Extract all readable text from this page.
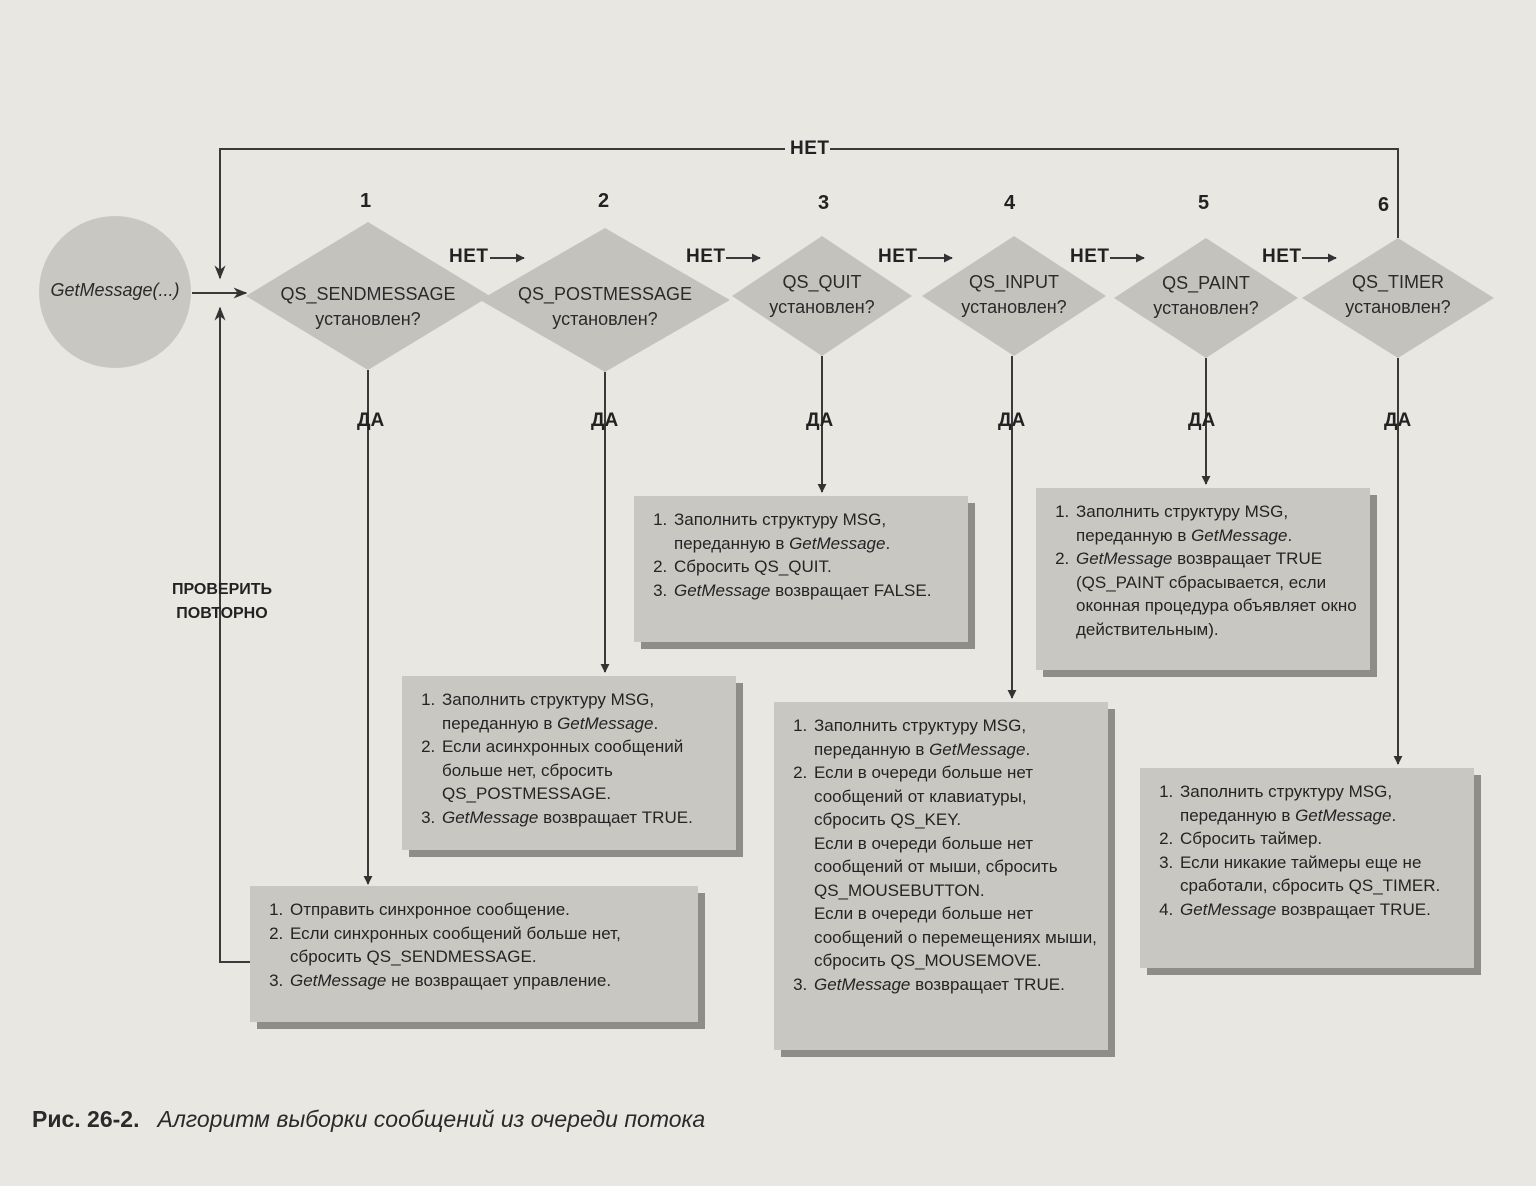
GetMessage(...)
НЕТ
1	2	3	4	5	6
QS_SENDMESSAGE
установлен?
QS_POSTMESSAGE
установлен?
QS_QUIT
установлен?
QS_INPUT
установлен?
QS_PAINT
установлен?
QS_TIMER
установлен?
НЕТ	НЕТ	НЕТ	НЕТ	НЕТ
ДА	ДА	ДА	ДА	ДА	ДА
ПРОВЕРИТЬ
ПОВТОРНО
1. Отправить синхронное сообщение.
2. Если синхронных сообщений больше нет, сбросить QS_SENDMESSAGE.
3. GetMessage не возвращает управление.
1. Заполнить структуру MSG, переданную в GetMessage.
2. Если асинхронных сообщений больше нет, сбросить QS_POSTMESSAGE.
3. GetMessage возвращает TRUE.
1. Заполнить структуру MSG, переданную в GetMessage.
2. Сбросить QS_QUIT.
3. GetMessage возвращает FALSE.
1. Заполнить структуру MSG, переданную в GetMessage.
2. Если в очереди больше нет сообщений от клавиатуры, сбросить QS_KEY.
Если в очереди больше нет сообщений от мыши, сбросить QS_MOUSEBUTTON.
Если в очереди больше нет сообщений о перемещениях мыши, сбросить QS_MOUSEMOVE.
3. GetMessage возвращает TRUE.
1. Заполнить структуру MSG, переданную в GetMessage.
2. GetMessage возвращает TRUE (QS_PAINT сбрасывается, если оконная процедура объявляет окно действительным).
1. Заполнить структуру MSG, переданную в GetMessage.
2. Сбросить таймер.
3. Если никакие таймеры еще не сработали, сбросить QS_TIMER.
4. GetMessage возвращает TRUE.
Рис. 26-2. Алгоритм выборки сообщений из очереди потока
